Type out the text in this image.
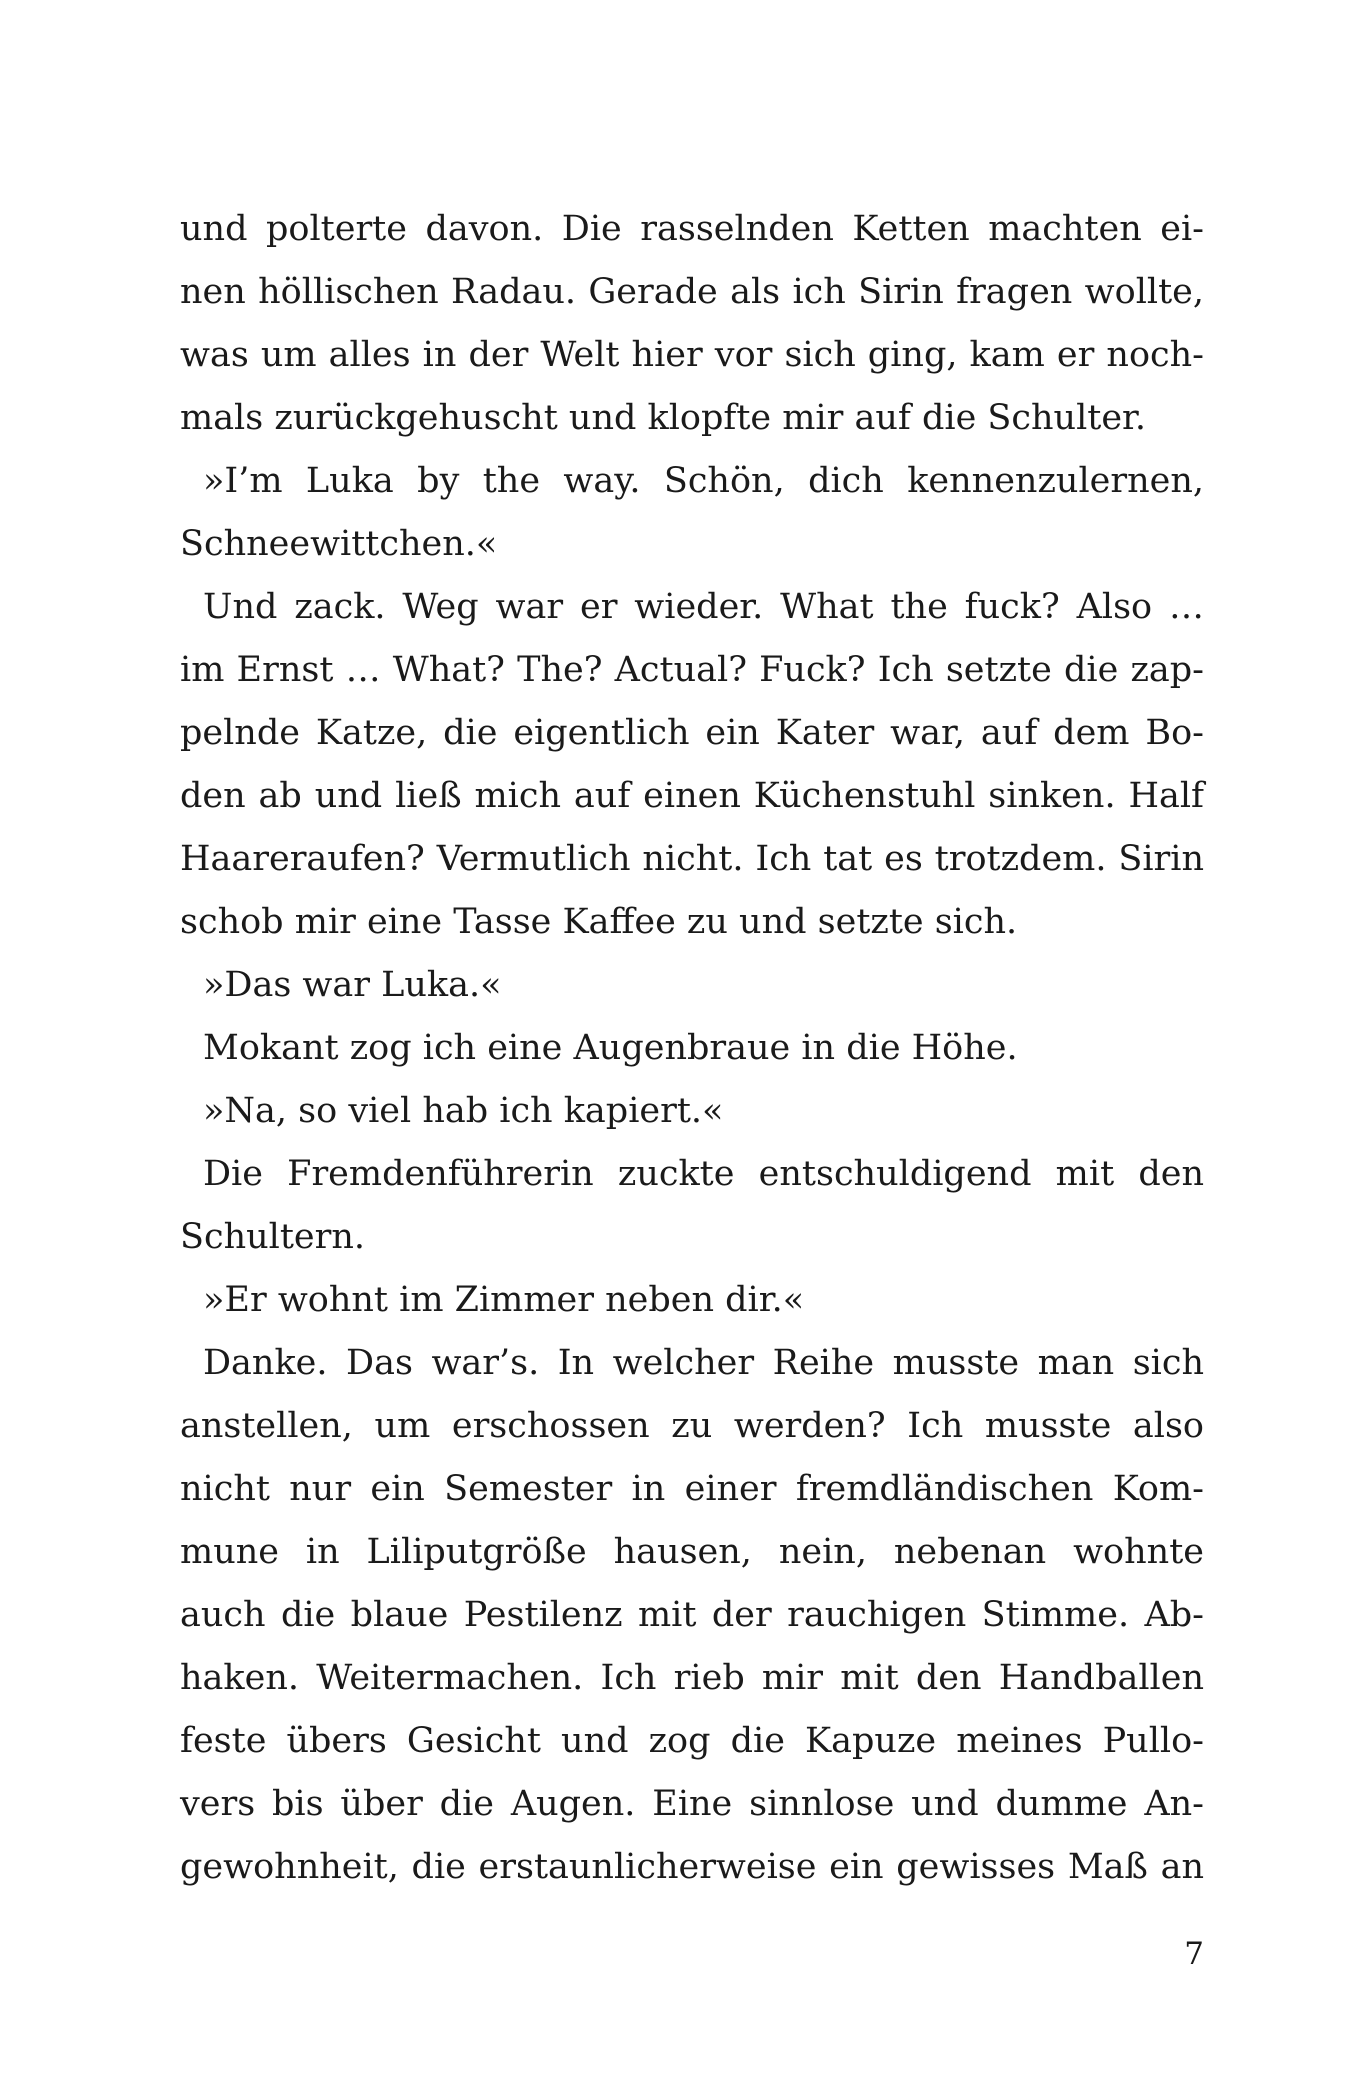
und polterte davon. Die rasselnden Ketten machten ei-
nen höllischen Radau. Gerade als ich Sirin fragen wollte,
was um alles in der Welt hier vor sich ging, kam er noch-
mals zurückgehuscht und klopfte mir auf die Schulter.
»I’m Luka by the way. Schön, dich kennenzulernen,
Schneewittchen.«
Und zack. Weg war er wieder. What the fuck? Also …
im Ernst … What? The? Actual? Fuck? Ich setzte die zap-
pelnde Katze, die eigentlich ein Kater war, auf dem Bo-
den ab und ließ mich auf einen Küchenstuhl sinken. Half
Haareraufen? Vermutlich nicht. Ich tat es trotzdem. Sirin
schob mir eine Tasse Kaffee zu und setzte sich.
»Das war Luka.«
Mokant zog ich eine Augenbraue in die Höhe.
»Na, so viel hab ich kapiert.«
Die Fremdenführerin zuckte entschuldigend mit den
Schultern.
»Er wohnt im Zimmer neben dir.«
Danke. Das war’s. In welcher Reihe musste man sich
anstellen, um erschossen zu werden? Ich musste also
nicht nur ein Semester in einer fremdländischen Kom-
mune in Liliputgröße hausen, nein, nebenan wohnte
auch die blaue Pestilenz mit der rauchigen Stimme. Ab-
haken. Weitermachen. Ich rieb mir mit den Handballen
feste übers Gesicht und zog die Kapuze meines Pullo-
vers bis über die Augen. Eine sinnlose und dumme An-
gewohnheit, die erstaunlicherweise ein gewisses Maß an
7
